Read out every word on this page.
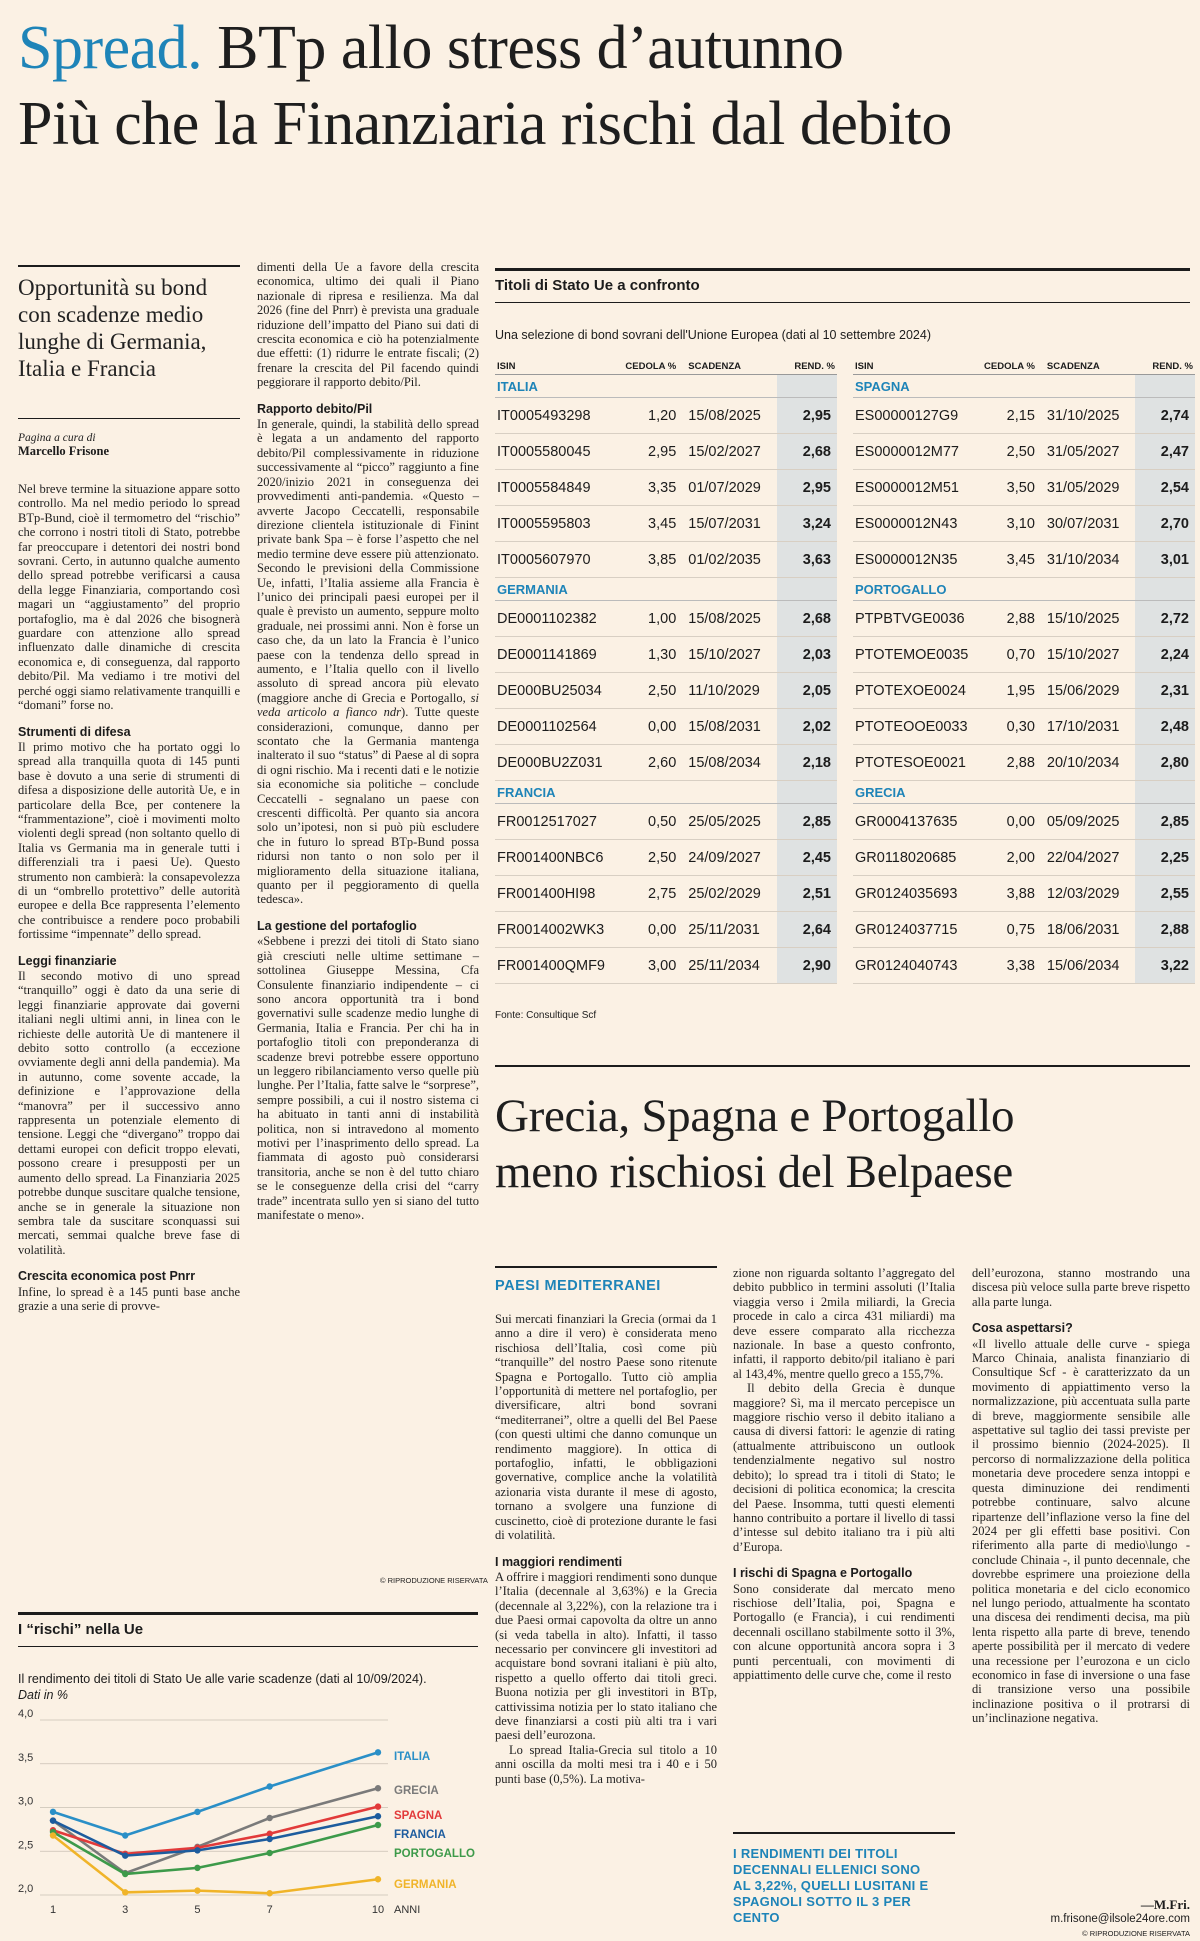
Spread. BTp allo stress d’autunno
Più che la Finanziaria rischi dal debito
Opportunità su bond con scadenze medio lunghe di Germania, Italia e Francia
Pagina a cura di
Marcello Frisone

Nel breve termine la situazione appare sotto controllo. Ma nel medio periodo lo spread BTp-Bund, cioè il termometro del “rischio” che corrono i nostri titoli di Stato, potrebbe far preoccupare i detentori dei nostri bond sovrani. Certo, in autunno qualche aumento dello spread potrebbe verificarsi a causa della legge Finanziaria, comportando così magari un “aggiustamento” del proprio portafoglio, ma è dal 2026 che bisognerà guardare con attenzione allo spread influenzato dalle dinamiche di crescita economica e, di conseguenza, dal rapporto debito/Pil. Ma vediamo i tre motivi del perché oggi siamo relativamente tranquilli e “domani” forse no.

Strumenti di difesa

Il primo motivo che ha portato oggi lo spread alla tranquilla quota di 145 punti base è dovuto a una serie di strumenti di difesa a disposizione delle autorità Ue, e in particolare della Bce, per contenere la “frammentazione”, cioè i movimenti molto violenti degli spread (non soltanto quello di Italia vs Germania ma in generale tutti i differenziali tra i paesi Ue). Questo strumento non cambierà: la consapevolezza di un “ombrello protettivo” delle autorità europee e della Bce rappresenta l’elemento che contribuisce a rendere poco probabili fortissime “impennate” dello spread.

Leggi finanziarie

Il secondo motivo di uno spread “tranquillo” oggi è dato da una serie di leggi finanziarie approvate dai governi italiani negli ultimi anni, in linea con le richieste delle autorità Ue di mantenere il debito sotto controllo (a eccezione ovviamente degli anni della pandemia). Ma in autunno, come sovente accade, la definizione e l’approvazione della “manovra” per il successivo anno rappresenta un potenziale elemento di tensione. Leggi che “divergano” troppo dai dettami europei con deficit troppo elevati, possono creare i presupposti per un aumento dello spread. La Finanziaria 2025 potrebbe dunque suscitare qualche tensione, anche se in generale la situazione non sembra tale da suscitare sconquassi sui mercati, semmai qualche breve fase di volatilità.

Crescita economica post Pnrr

Infine, lo spread è a 145 punti base anche grazie a una serie di provve-

dimenti della Ue a favore della crescita economica, ultimo dei quali il Piano nazionale di ripresa e resilienza. Ma dal 2026 (fine del Pnrr) è prevista una graduale riduzione dell’impatto del Piano sui dati di crescita economica e ciò ha potenzialmente due effetti: (1) ridurre le entrate fiscali; (2) frenare la crescita del Pil facendo quindi peggiorare il rapporto debito/Pil.

Rapporto debito/Pil

In generale, quindi, la stabilità dello spread è legata a un andamento del rapporto debito/Pil complessivamente in riduzione successivamente al “picco” raggiunto a fine 2020/inizio 2021 in conseguenza dei provvedimenti anti-pandemia. «Questo – avverte Jacopo Ceccatelli, responsabile direzione clientela istituzionale di Finint private bank Spa – è forse l’aspetto che nel medio termine deve essere più attenzionato. Secondo le previsioni della Commissione Ue, infatti, l’Italia assieme alla Francia è l’unico dei principali paesi europei per il quale è previsto un aumento, seppure molto graduale, nei prossimi anni. Non è forse un caso che, da un lato la Francia è l’unico paese con la tendenza dello spread in aumento, e l’Italia quello con il livello assoluto di spread ancora più elevato (maggiore anche di Grecia e Portogallo, si veda articolo a fianco ndr). Tutte queste considerazioni, comunque, danno per scontato che la Germania mantenga inalterato il suo “status” di Paese al di sopra di ogni rischio. Ma i recenti dati e le notizie sia economiche sia politiche – conclude Ceccatelli - segnalano un paese con crescenti difficoltà. Per quanto sia ancora solo un’ipotesi, non si può più escludere che in futuro lo spread BTp-Bund possa ridursi non tanto o non solo per il miglioramento della situazione italiana, quanto per il peggioramento di quella tedesca».

La gestione del portafoglio

«Sebbene i prezzi dei titoli di Stato siano già cresciuti nelle ultime settimane – sottolinea Giuseppe Messina, Cfa Consulente finanziario indipendente – ci sono ancora opportunità tra i bond governativi sulle scadenze medio lunghe di Germania, Italia e Francia. Per chi ha in portafoglio titoli con preponderanza di scadenze brevi potrebbe essere opportuno un leggero ribilanciamento verso quelle più lunghe. Per l’Italia, fatte salve le “sorprese”, sempre possibili, a cui il nostro sistema ci ha abituato in tanti anni di instabilità politica, non si intravedono al momento motivi per l’inasprimento dello spread. La fiammata di agosto può considerarsi transitoria, anche se non è del tutto chiaro se le conseguenze della crisi del “carry trade” incentrata sullo yen si siano del tutto manifestate o meno».

© RIPRODUZIONE RISERVATA
Titoli di Stato Ue a confronto
Una selezione di bond sovrani dell'Unione Europea (dati al 10 settembre 2024)
ISIN	CEDOLA %	SCADENZA	REND. %
ITALIA			
IT0005493298	1,20	15/08/2025	2,95
IT0005580045	2,95	15/02/2027	2,68
IT0005584849	3,35	01/07/2029	2,95
IT0005595803	3,45	15/07/2031	3,24
IT0005607970	3,85	01/02/2035	3,63
GERMANIA			
DE0001102382	1,00	15/08/2025	2,68
DE0001141869	1,30	15/10/2027	2,03
DE000BU25034	2,50	11/10/2029	2,05
DE0001102564	0,00	15/08/2031	2,02
DE000BU2Z031	2,60	15/08/2034	2,18
FRANCIA			
FR0012517027	0,50	25/05/2025	2,85
FR001400NBC6	2,50	24/09/2027	2,45
FR001400HI98	2,75	25/02/2029	2,51
FR0014002WK3	0,00	25/11/2031	2,64
FR001400QMF9	3,00	25/11/2034	2,90
ISIN	CEDOLA %	SCADENZA	REND. %
SPAGNA			
ES00000127G9	2,15	31/10/2025	2,74
ES0000012M77	2,50	31/05/2027	2,47
ES0000012M51	3,50	31/05/2029	2,54
ES0000012N43	3,10	30/07/2031	2,70
ES0000012N35	3,45	31/10/2034	3,01
PORTOGALLO			
PTPBTVGE0036	2,88	15/10/2025	2,72
PTOTEMOE0035	0,70	15/10/2027	2,24
PTOTEXOE0024	1,95	15/06/2029	2,31
PTOTEOOE0033	0,30	17/10/2031	2,48
PTOTESOE0021	2,88	20/10/2034	2,80
GRECIA			
GR0004137635	0,00	05/09/2025	2,85
GR0118020685	2,00	22/04/2027	2,25
GR0124035693	3,88	12/03/2029	2,55
GR0124037715	0,75	18/06/2031	2,88
GR0124040743	3,38	15/06/2034	3,22
Fonte: Consultique Scf
Grecia, Spagna e Portogallo
meno rischiosi del Belpaese
PAESI MEDITERRANEI

Sui mercati finanziari la Grecia (ormai da 1 anno a dire il vero) è considerata meno rischiosa dell’Italia, così come più “tranquille” del nostro Paese sono ritenute Spagna e Portogallo. Tutto ciò amplia l’opportunità di mettere nel portafoglio, per diversificare, altri bond sovrani “mediterranei”, oltre a quelli del Bel Paese (con questi ultimi che danno comunque un rendimento maggiore). In ottica di portafoglio, infatti, le obbligazioni governative, complice anche la volatilità azionaria vista durante il mese di agosto, tornano a svolgere una funzione di cuscinetto, cioè di protezione durante le fasi di volatilità.

I maggiori rendimenti

A offrire i maggiori rendimenti sono dunque l’Italia (decennale al 3,63%) e la Grecia (decennale al 3,22%), con la relazione tra i due Paesi ormai capovolta da oltre un anno (si veda tabella in alto). Infatti, il tasso necessario per convincere gli investitori ad acquistare bond sovrani italiani è più alto, rispetto a quello offerto dai titoli greci. Buona notizia per gli investitori in BTp, cattivissima notizia per lo stato italiano che deve finanziarsi a costi più alti tra i vari paesi dell’eurozona.

Lo spread Italia-Grecia sul titolo a 10 anni oscilla da molti mesi tra i 40 e i 50 punti base (0,5%). La motiva-

zione non riguarda soltanto l’aggregato del debito pubblico in termini assoluti (l’Italia viaggia verso i 2mila miliardi, la Grecia procede in calo a circa 431 miliardi) ma deve essere comparato alla ricchezza nazionale. In base a questo confronto, infatti, il rapporto debito/pil italiano è pari al 143,4%, mentre quello greco a 155,7%.

Il debito della Grecia è dunque maggiore? Sì, ma il mercato percepisce un maggiore rischio verso il debito italiano a causa di diversi fattori: le agenzie di rating (attualmente attribuiscono un outlook tendenzialmente negativo sul nostro debito); lo spread tra i titoli di Stato; le decisioni di politica economica; la crescita del Paese. Insomma, tutti questi elementi hanno contribuito a portare il livello di tassi d’intesse sul debito italiano tra i più alti d’Europa.

I rischi di Spagna e Portogallo

Sono considerate dal mercato meno rischiose dell’Italia, poi, Spagna e Portogallo (e Francia), i cui rendimenti decennali oscillano stabilmente sotto il 3%, con alcune opportunità ancora sopra i 3 punti percentuali, con movimenti di appiattimento delle curve che, come il resto

I RENDIMENTI DEI TITOLI DECENNALI ELLENICI SONO AL 3,22%, QUELLI LUSITANI E SPAGNOLI SOTTO IL 3 PER CENTO

dell’eurozona, stanno mostrando una discesa più veloce sulla parte breve rispetto alla parte lunga.

Cosa aspettarsi?

«Il livello attuale delle curve - spiega Marco Chinaia, analista finanziario di Consultique Scf - è caratterizzato da un movimento di appiattimento verso la normalizzazione, più accentuata sulla parte di breve, maggiormente sensibile alle aspettative sul taglio dei tassi previste per il prossimo biennio (2024-2025). Il percorso di normalizzazione della politica monetaria deve procedere senza intoppi e questa diminuzione dei rendimenti potrebbe continuare, salvo alcune ripartenze dell’inflazione verso la fine del 2024 per gli effetti base positivi. Con riferimento alla parte di medio\lungo - conclude Chinaia -, il punto decennale, che dovrebbe esprimere una proiezione della politica monetaria e del ciclo economico nel lungo periodo, attualmente ha scontato una discesa dei rendimenti decisa, ma più lenta rispetto alla parte di breve, tenendo aperte possibilità per il mercato di vedere una recessione per l’eurozona e un ciclo economico in fase di inversione o una fase di transizione verso una possibile inclinazione positiva o il protrarsi di un’inclinazione negativa.

—M.Fri.
m.frisone@ilsole24ore.com
© RIPRODUZIONE RISERVATA
I “rischi” nella Ue
Il rendimento dei titoli di Stato Ue alle varie scadenze (dati al 10/09/2024).
Dati in %
2,0
2,5
3,0
3,5
4,0
1	3	5	7	10 ANNI
ITALIA
GRECIA
SPAGNA
FRANCIA
PORTOGALLO
GERMANIA
